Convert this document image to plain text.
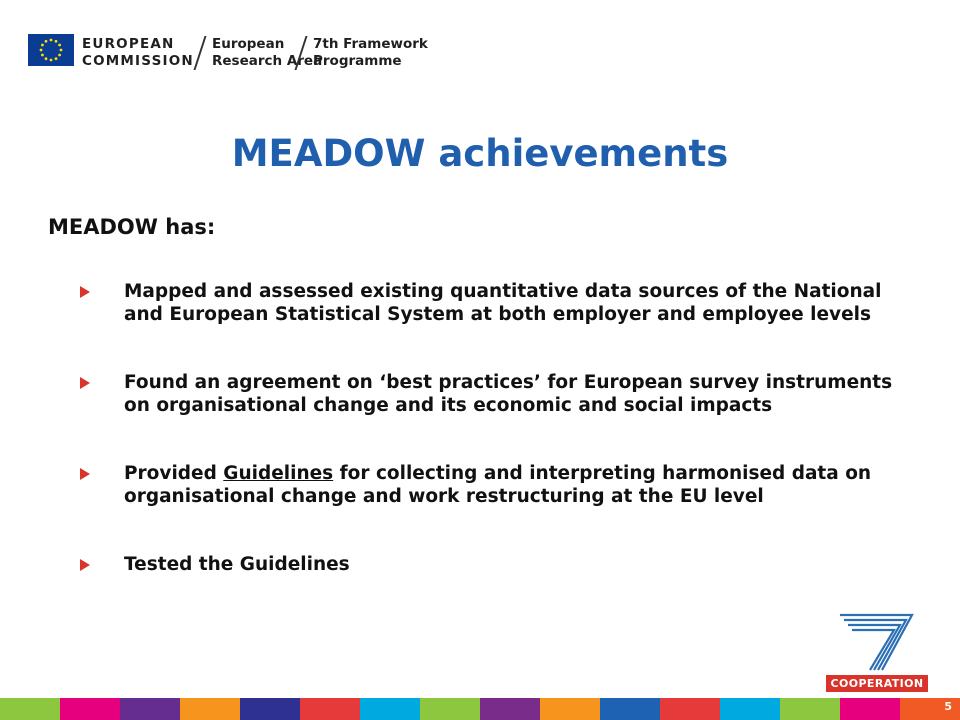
EUROPEAN
COMMISSION
European
Research Area
7th Framework
Programme
MEADOW achievements
MEADOW has:
Mapped and assessed existing quantitative data sources of the National and European Statistical System at both employer and employee levels
Found an agreement on ‘best practices’ for European survey instruments on organisational change and its economic and social impacts
Provided Guidelines for collecting and interpreting harmonised data on organisational change and work restructuring at the EU level
Tested the Guidelines
COOPERATION
5
